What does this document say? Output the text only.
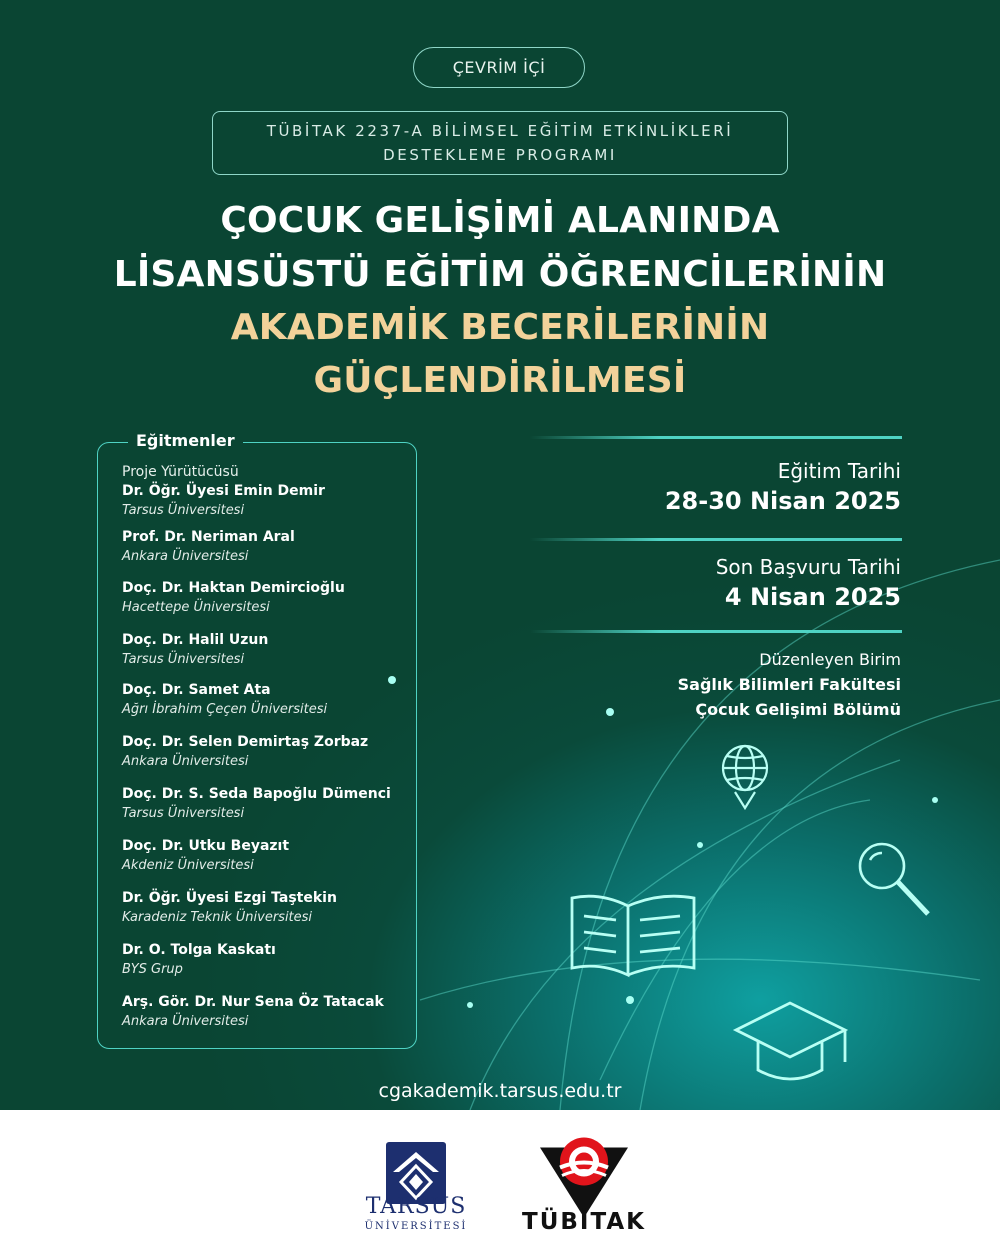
ÇEVRİM İÇİ
TÜBİTAK 2237-A BİLİMSEL EĞİTİM ETKİNLİKLERİ
DESTEKLEME PROGRAMI
ÇOCUK GELİŞİMİ ALANINDA
LİSANSÜSTÜ EĞİTİM ÖĞRENCİLERİNİN
AKADEMİK BECERİLERİNİN
GÜÇLENDİRİLMESİ
Eğitmenler
Proje Yürütücüsü
Dr. Öğr. Üyesi Emin Demir
Tarsus Üniversitesi
Prof. Dr. Neriman Aral
Ankara Üniversitesi
Doç. Dr. Haktan Demircioğlu
Hacettepe Üniversitesi
Doç. Dr. Halil Uzun
Tarsus Üniversitesi
Doç. Dr. Samet Ata
Ağrı İbrahim Çeçen Üniversitesi
Doç. Dr. Selen Demirtaş Zorbaz
Ankara Üniversitesi
Doç. Dr. S. Seda Bapoğlu Dümenci
Tarsus Üniversitesi
Doç. Dr. Utku Beyazıt
Akdeniz Üniversitesi
Dr. Öğr. Üyesi Ezgi Taştekin
Karadeniz Teknik Üniversitesi
Dr. O. Tolga Kaskatı
BYS Grup
Arş. Gör. Dr. Nur Sena Öz Tatacak
Ankara Üniversitesi
Eğitim Tarihi
28-30 Nisan 2025
Son Başvuru Tarihi
4 Nisan 2025
Düzenleyen Birim
Sağlık Bilimleri Fakültesi
Çocuk Gelişimi Bölümü
cgakademik.tarsus.edu.tr
TARSUS
ÜNİVERSİTESİ TÜBİTAK
